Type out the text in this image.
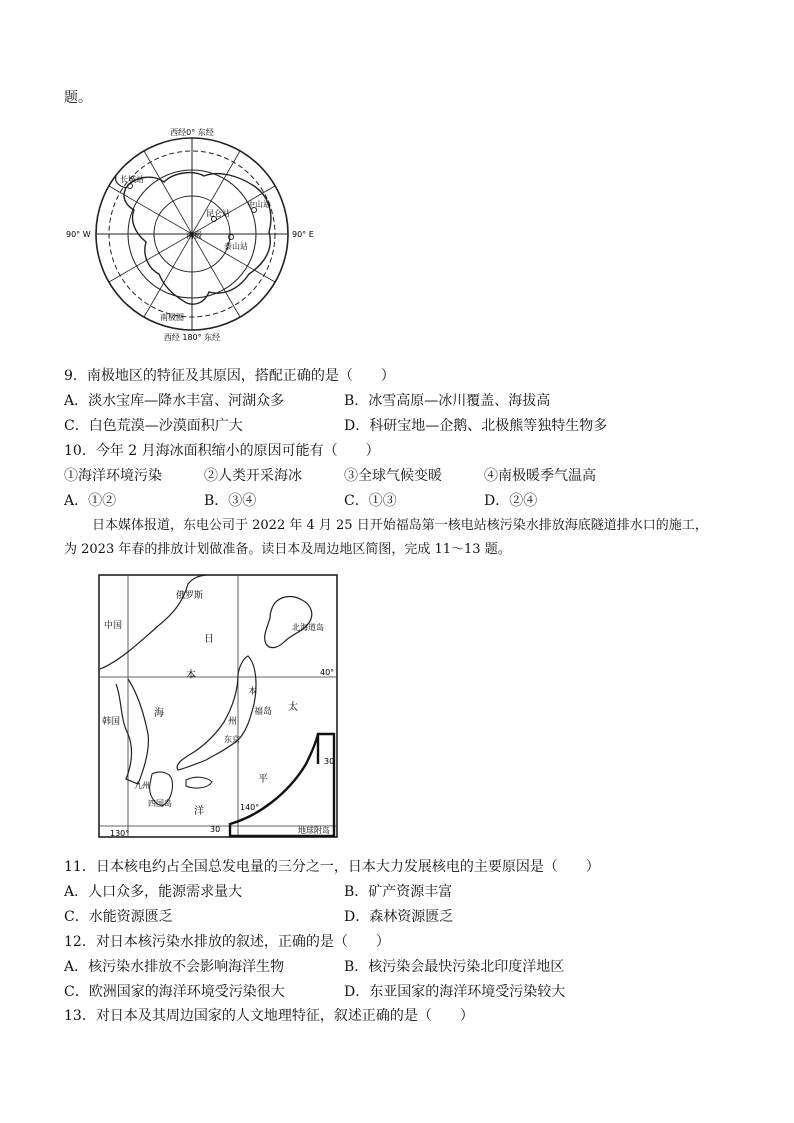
题。
西经0° 东经
西经 180° 东经
90° W	90° E
南极
长城站
昆仑站
中山站
泰山站
南极圈
9．南极地区的特征及其原因，搭配正确的是（　　）
A．淡水宝库—降水丰富、河湖众多	B．冰雪高原—冰川覆盖、海拔高
C．白色荒漠—沙漠面积广大	D．科研宝地—企鹅、北极熊等独特生物多
10．今年 2 月海冰面积缩小的原因可能有（　　）
①海洋环境污染	②人类开采海冰	③全球气候变暖	④南极暖季气温高
A．①②	B．③④	C．①③	D．②④

日本媒体报道，东电公司于 2022 年 4 月 25 日开始福岛第一核电站核污染水排放海底隧道排水口的施工，

为 2023 年春的排放计划做准备。读日本及周边地区简图，完成 11～13 题。

俄罗斯
中国
韩国
日
本
海
北海道岛
本
州
福岛
东京
九州
四国岛
太
平
洋
40°
30
30
140°
130°	地球附岛
11．日本核电约占全国总发电量的三分之一，日本大力发展核电的主要原因是（　　）
A．人口众多，能源需求量大	B．矿产资源丰富
C．水能资源匮乏	D．森林资源匮乏
12．对日本核污染水排放的叙述，正确的是（　　）
A．核污染水排放不会影响海洋生物	B．核污染会最快污染北印度洋地区
C．欧洲国家的海洋环境受污染很大	D．东亚国家的海洋环境受污染较大
13．对日本及其周边国家的人文地理特征，叙述正确的是（　　）
